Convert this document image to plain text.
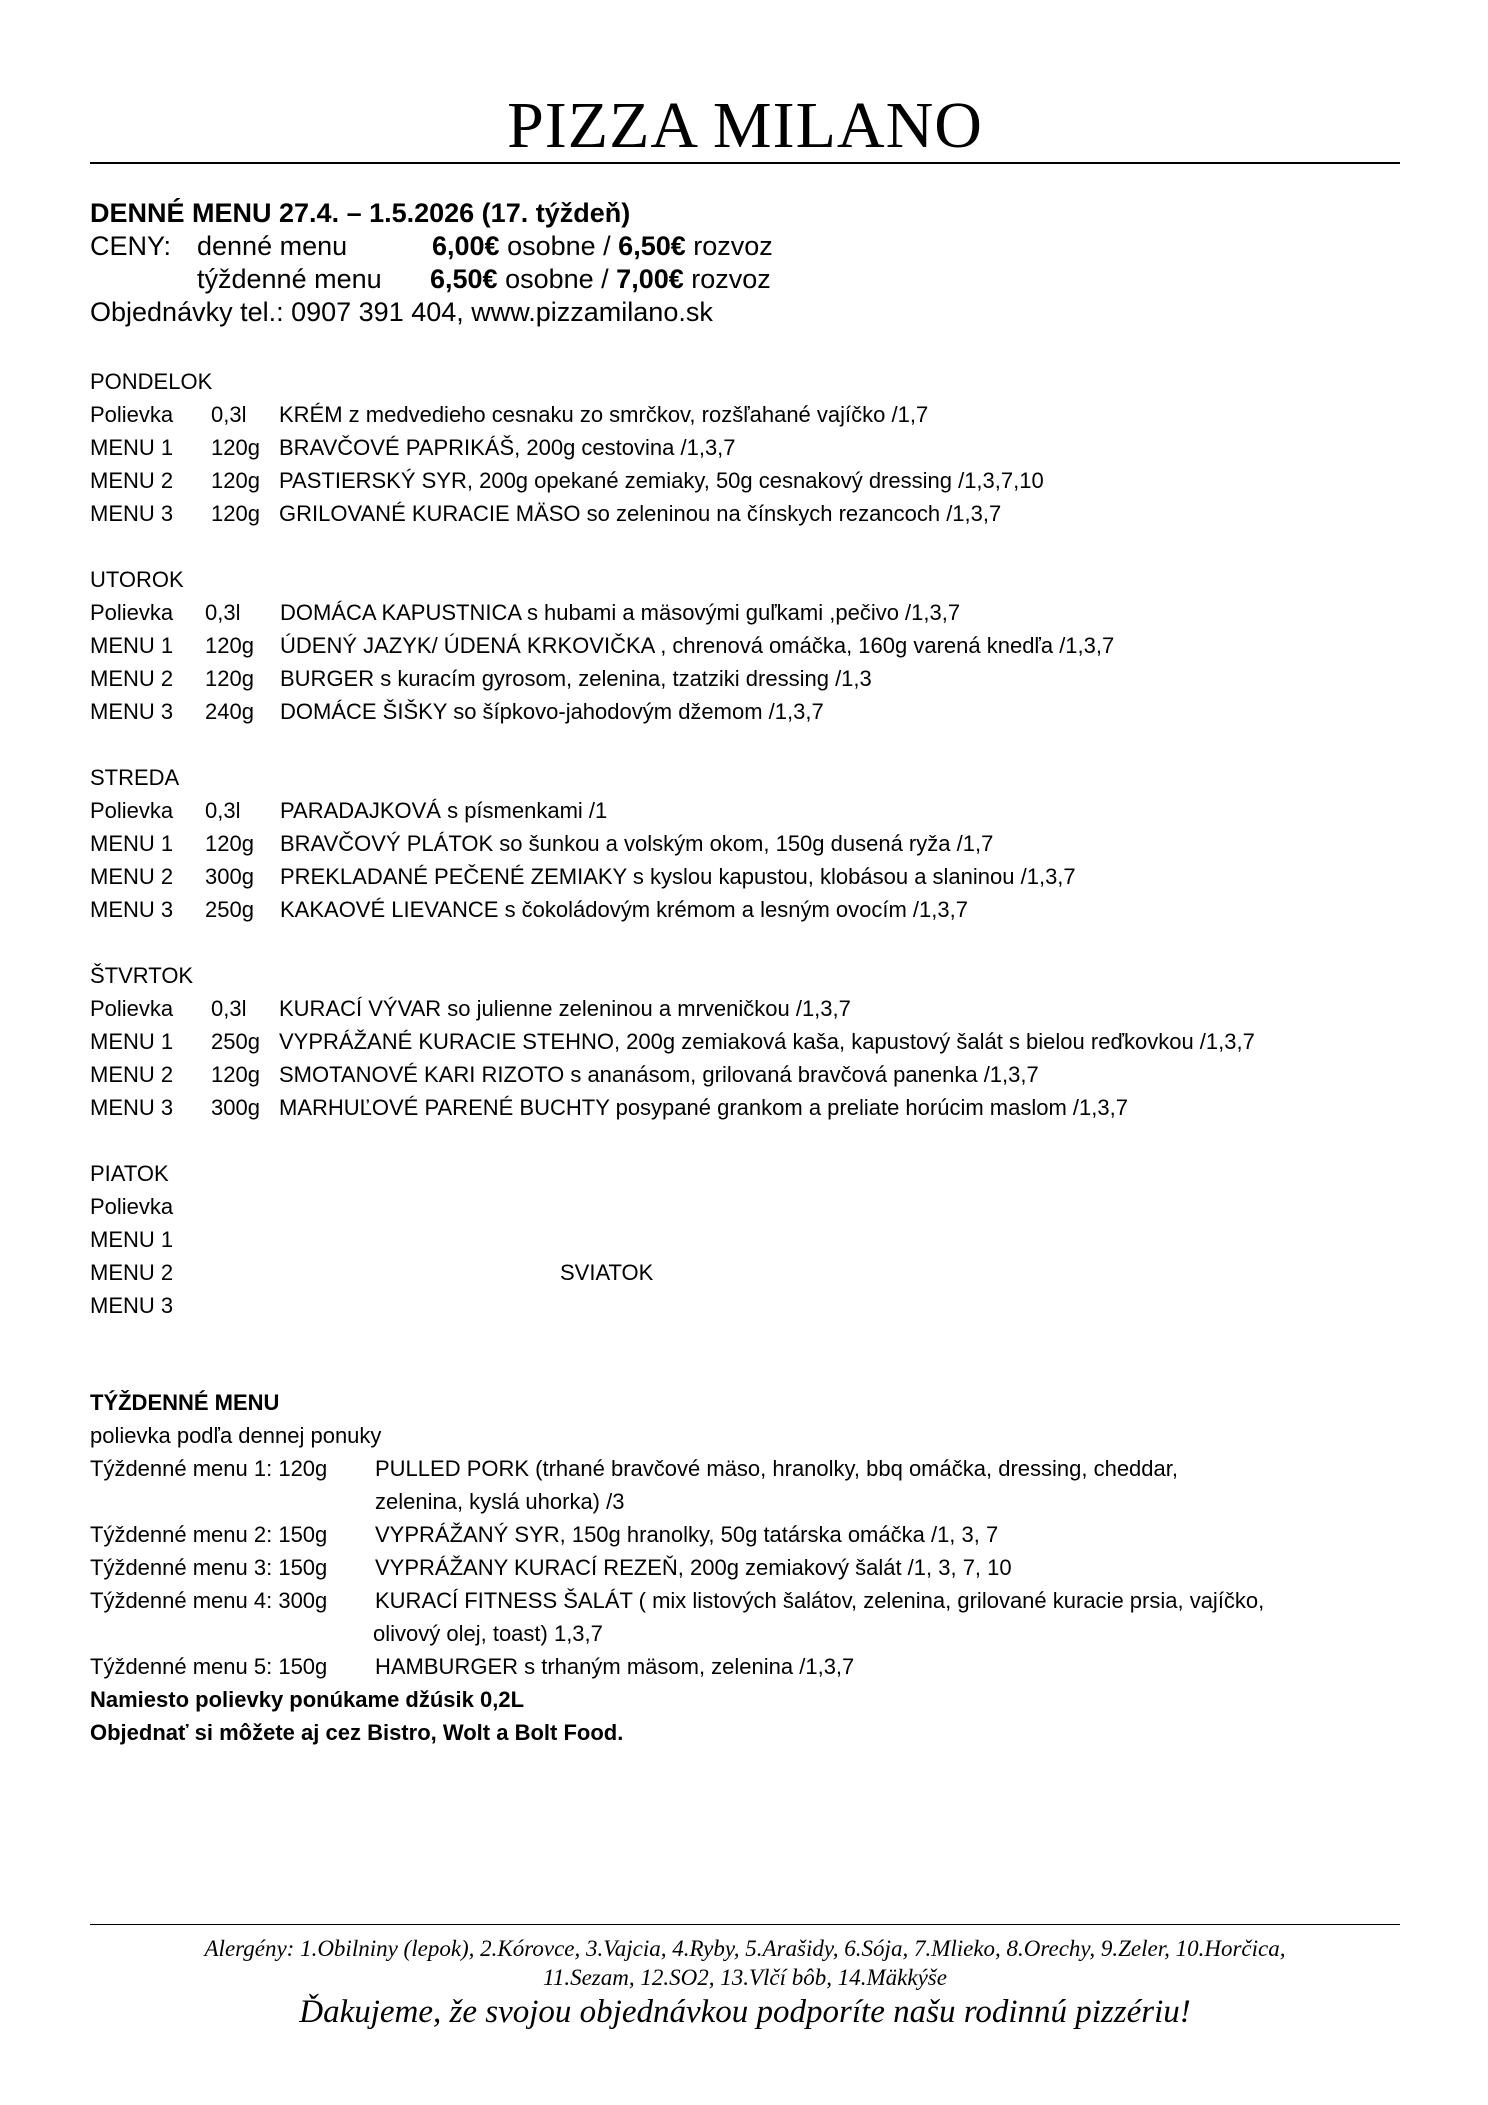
PIZZA MILANO
DENNÉ MENU 27.4. – 1.5.2026 (17. týždeň)
CENY: denné menu	6,00€ osobne / 6,50€ rozvoz
týždenné menu 6,50€ osobne / 7,00€ rozvoz
Objednávky tel.: 0907 391 404, www.pizzamilano.sk
PONDELOK
Polievka 0,3l KRÉM z medvedieho cesnaku zo smrčkov, rozšľahané vajíčko /1,7
MENU 1 120g BRAVČOVÉ PAPRIKÁŠ, 200g cestovina /1,3,7
MENU 2 120g PASTIERSKÝ SYR, 200g opekané zemiaky, 50g cesnakový dressing /1,3,7,10
MENU 3 120g GRILOVANÉ KURACIE MÄSO so zeleninou na čínskych rezancoch /1,3,7
UTOROK
Polievka 0,3l DOMÁCA KAPUSTNICA s hubami a mäsovými guľkami ,pečivo /1,3,7
MENU 1 120g ÚDENÝ JAZYK/ ÚDENÁ KRKOVIČKA , chrenová omáčka, 160g varená knedľa /1,3,7
MENU 2 120g BURGER s kuracím gyrosom, zelenina, tzatziki dressing /1,3
MENU 3 240g DOMÁCE ŠIŠKY so šípkovo-jahodovým džemom /1,3,7
STREDA
Polievka 0,3l PARADAJKOVÁ s písmenkami /1
MENU 1 120g BRAVČOVÝ PLÁTOK so šunkou a volským okom, 150g dusená ryža /1,7
MENU 2 300g PREKLADANÉ PEČENÉ ZEMIAKY s kyslou kapustou, klobásou a slaninou /1,3,7
MENU 3 250g KAKAOVÉ LIEVANCE s čokoládovým krémom a lesným ovocím /1,3,7
ŠTVRTOK
Polievka 0,3l KURACÍ VÝVAR so julienne zeleninou a mrveničkou /1,3,7
MENU 1 250g VYPRÁŽANÉ KURACIE STEHNO, 200g zemiaková kaša, kapustový šalát s bielou reďkovkou /1,3,7
MENU 2 120g SMOTANOVÉ KARI RIZOTO s ananásom, grilovaná bravčová panenka /1,3,7
MENU 3 300g MARHUĽOVÉ PARENÉ BUCHTY posypané grankom a preliate horúcim maslom /1,3,7
PIATOK
Polievka
MENU 1
MENU 2	SVIATOK
MENU 3
TÝŽDENNÉ MENU
polievka podľa dennej ponuky
Týždenné menu 1: 120g PULLED PORK (trhané bravčové mäso, hranolky, bbq omáčka, dressing, cheddar,
zelenina, kyslá uhorka) /3
Týždenné menu 2: 150g VYPRÁŽANÝ SYR, 150g hranolky, 50g tatárska omáčka /1, 3, 7
Týždenné menu 3: 150g VYPRÁŽANY KURACÍ REZEŇ, 200g zemiakový šalát /1, 3, 7, 10
Týždenné menu 4: 300g KURACÍ FITNESS ŠALÁT ( mix listových šalátov, zelenina, grilované kuracie prsia, vajíčko,
olivový olej, toast) 1,3,7
Týždenné menu 5: 150g HAMBURGER s trhaným mäsom, zelenina /1,3,7
Namiesto polievky ponúkame džúsik 0,2L
Objednať si môžete aj cez Bistro, Wolt a Bolt Food.
Alergény: 1.Obilniny (lepok), 2.Kórovce, 3.Vajcia, 4.Ryby, 5.Arašidy, 6.Sója, 7.Mlieko, 8.Orechy, 9.Zeler, 10.Horčica,
11.Sezam, 12.SO2, 13.Vlčí bôb, 14.Mäkkýše
Ďakujeme, že svojou objednávkou podporíte našu rodinnú pizzériu!
